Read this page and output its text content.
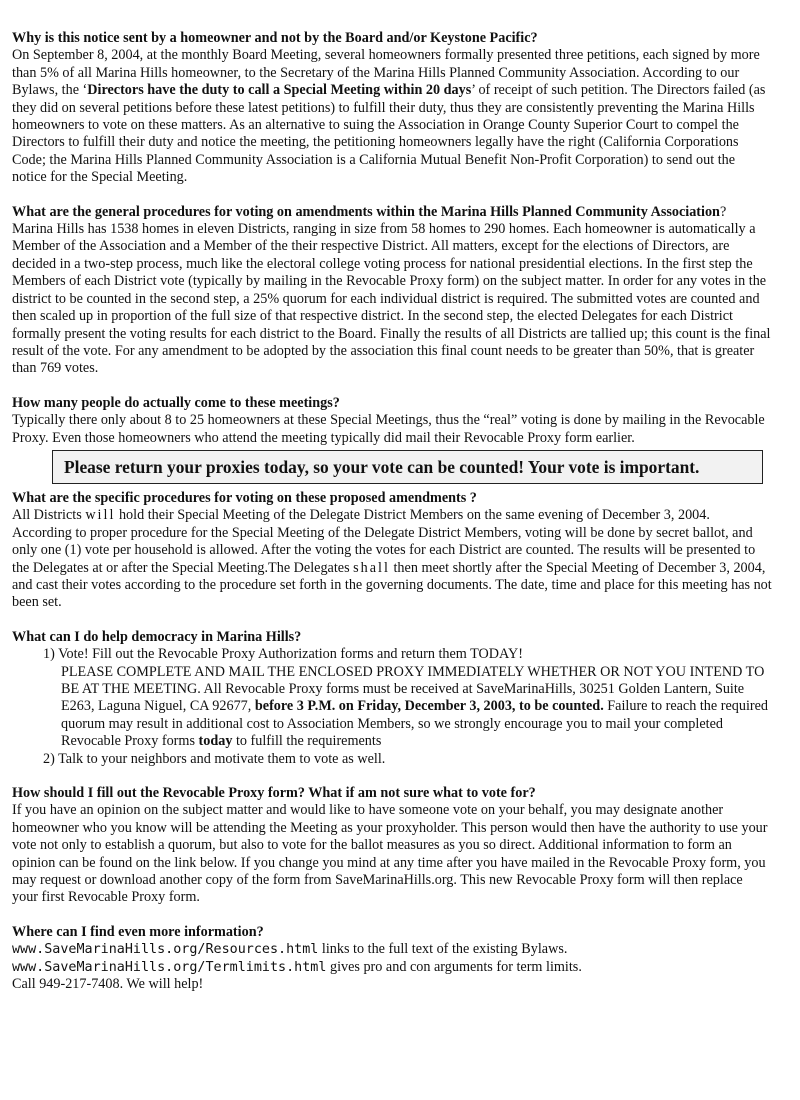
Why is this notice sent by a homeowner and not by the Board and/or Keystone Pacific?

On September 8, 2004, at the monthly Board Meeting, several homeowners formally presented three petitions, each signed by more than 5% of all Marina Hills homeowner, to the Secretary of the Marina Hills Planned Community Association. According to our Bylaws, the ‘Directors have the duty to call a Special Meeting within 20 days’ of receipt of such petition. The Directors failed (as they did on several petitions before these latest petitions) to fulfill their duty, thus they are consistently preventing the Marina Hills homeowners to vote on these matters. As an alternative to suing the Association in Orange County Superior Court to compel the Directors to fulfill their duty and notice the meeting, the petitioning homeowners legally have the right (California Corporations Code; the Marina Hills Planned Community Association is a California Mutual Benefit Non-Profit Corporation) to send out the notice for the Special Meeting.

What are the general procedures for voting on amendments within the Marina Hills Planned Community Association?

Marina Hills has 1538 homes in eleven Districts, ranging in size from 58 homes to 290 homes. Each homeowner is automatically a Member of the Association and a Member of the their respective District. All matters, except for the elections of Directors, are decided in a two-step process, much like the electoral college voting process for national presidential elections. In the first step the Members of each District vote (typically by mailing in the Revocable Proxy form) on the subject matter. In order for any votes in the district to be counted in the second step, a 25% quorum for each individual district is required. The submitted votes are counted and then scaled up in proportion of the full size of that respective district. In the second step, the elected Delegates for each District formally present the voting results for each district to the Board. Finally the results of all Districts are tallied up; this count is the final result of the vote. For any amendment to be adopted by the association this final count needs to be greater than 50%, that is greater than 769 votes.

How many people do actually come to these meetings?

Typically there only about 8 to 25 homeowners at these Special Meetings, thus the “real” voting is done by mailing in the Revocable Proxy. Even those homeowners who attend the meeting typically did mail their Revocable Proxy form earlier.

Please return your proxies today, so your vote can be counted! Your vote is important.

What are the specific procedures for voting on these proposed amendments ?

All Districts will hold their Special Meeting of the Delegate District Members on the same evening of December 3, 2004. According to proper procedure for the Special Meeting of the Delegate District Members, voting will be done by secret ballot, and only one (1) vote per household is allowed. After the voting the votes for each District are counted. The results will be presented to the Delegates at or after the Special Meeting.The Delegates shall then meet shortly after the Special Meeting of December 3, 2004, and cast their votes according to the procedure set forth in the governing documents. The date, time and place for this meeting has not been set.

What can I do help democracy in Marina Hills?

1) Vote! Fill out the Revocable Proxy Authorization forms and return them TODAY!

PLEASE COMPLETE AND MAIL THE ENCLOSED PROXY IMMEDIATELY WHETHER OR NOT YOU INTEND TO BE AT THE MEETING. All Revocable Proxy forms must be received at SaveMarinaHills, 30251 Golden Lantern, Suite E263, Laguna Niguel, CA 92677, before 3 P.M. on Friday, December 3, 2003, to be counted. Failure to reach the required quorum may result in additional cost to Association Members, so we strongly encourage you to mail your completed Revocable Proxy forms today to fulfill the requirements

2) Talk to your neighbors and motivate them to vote as well.

How should I fill out the Revocable Proxy form? What if am not sure what to vote for?

If you have an opinion on the subject matter and would like to have someone vote on your behalf, you may designate another homeowner who you know will be attending the Meeting as your proxyholder. This person would then have the authority to use your vote not only to establish a quorum, but also to vote for the ballot measures as you so direct. Additional information to form an opinion can be found on the link below. If you change you mind at any time after you have mailed in the Revocable Proxy form, you may request or download another copy of the form from SaveMarinaHills.org. This new Revocable Proxy form will then replace your first Revocable Proxy form.

Where can I find even more information?

www.SaveMarinaHills.org/Resources.html links to the full text of the existing Bylaws.

www.SaveMarinaHills.org/Termlimits.html gives pro and con arguments for term limits.

Call 949-217-7408. We will help!
